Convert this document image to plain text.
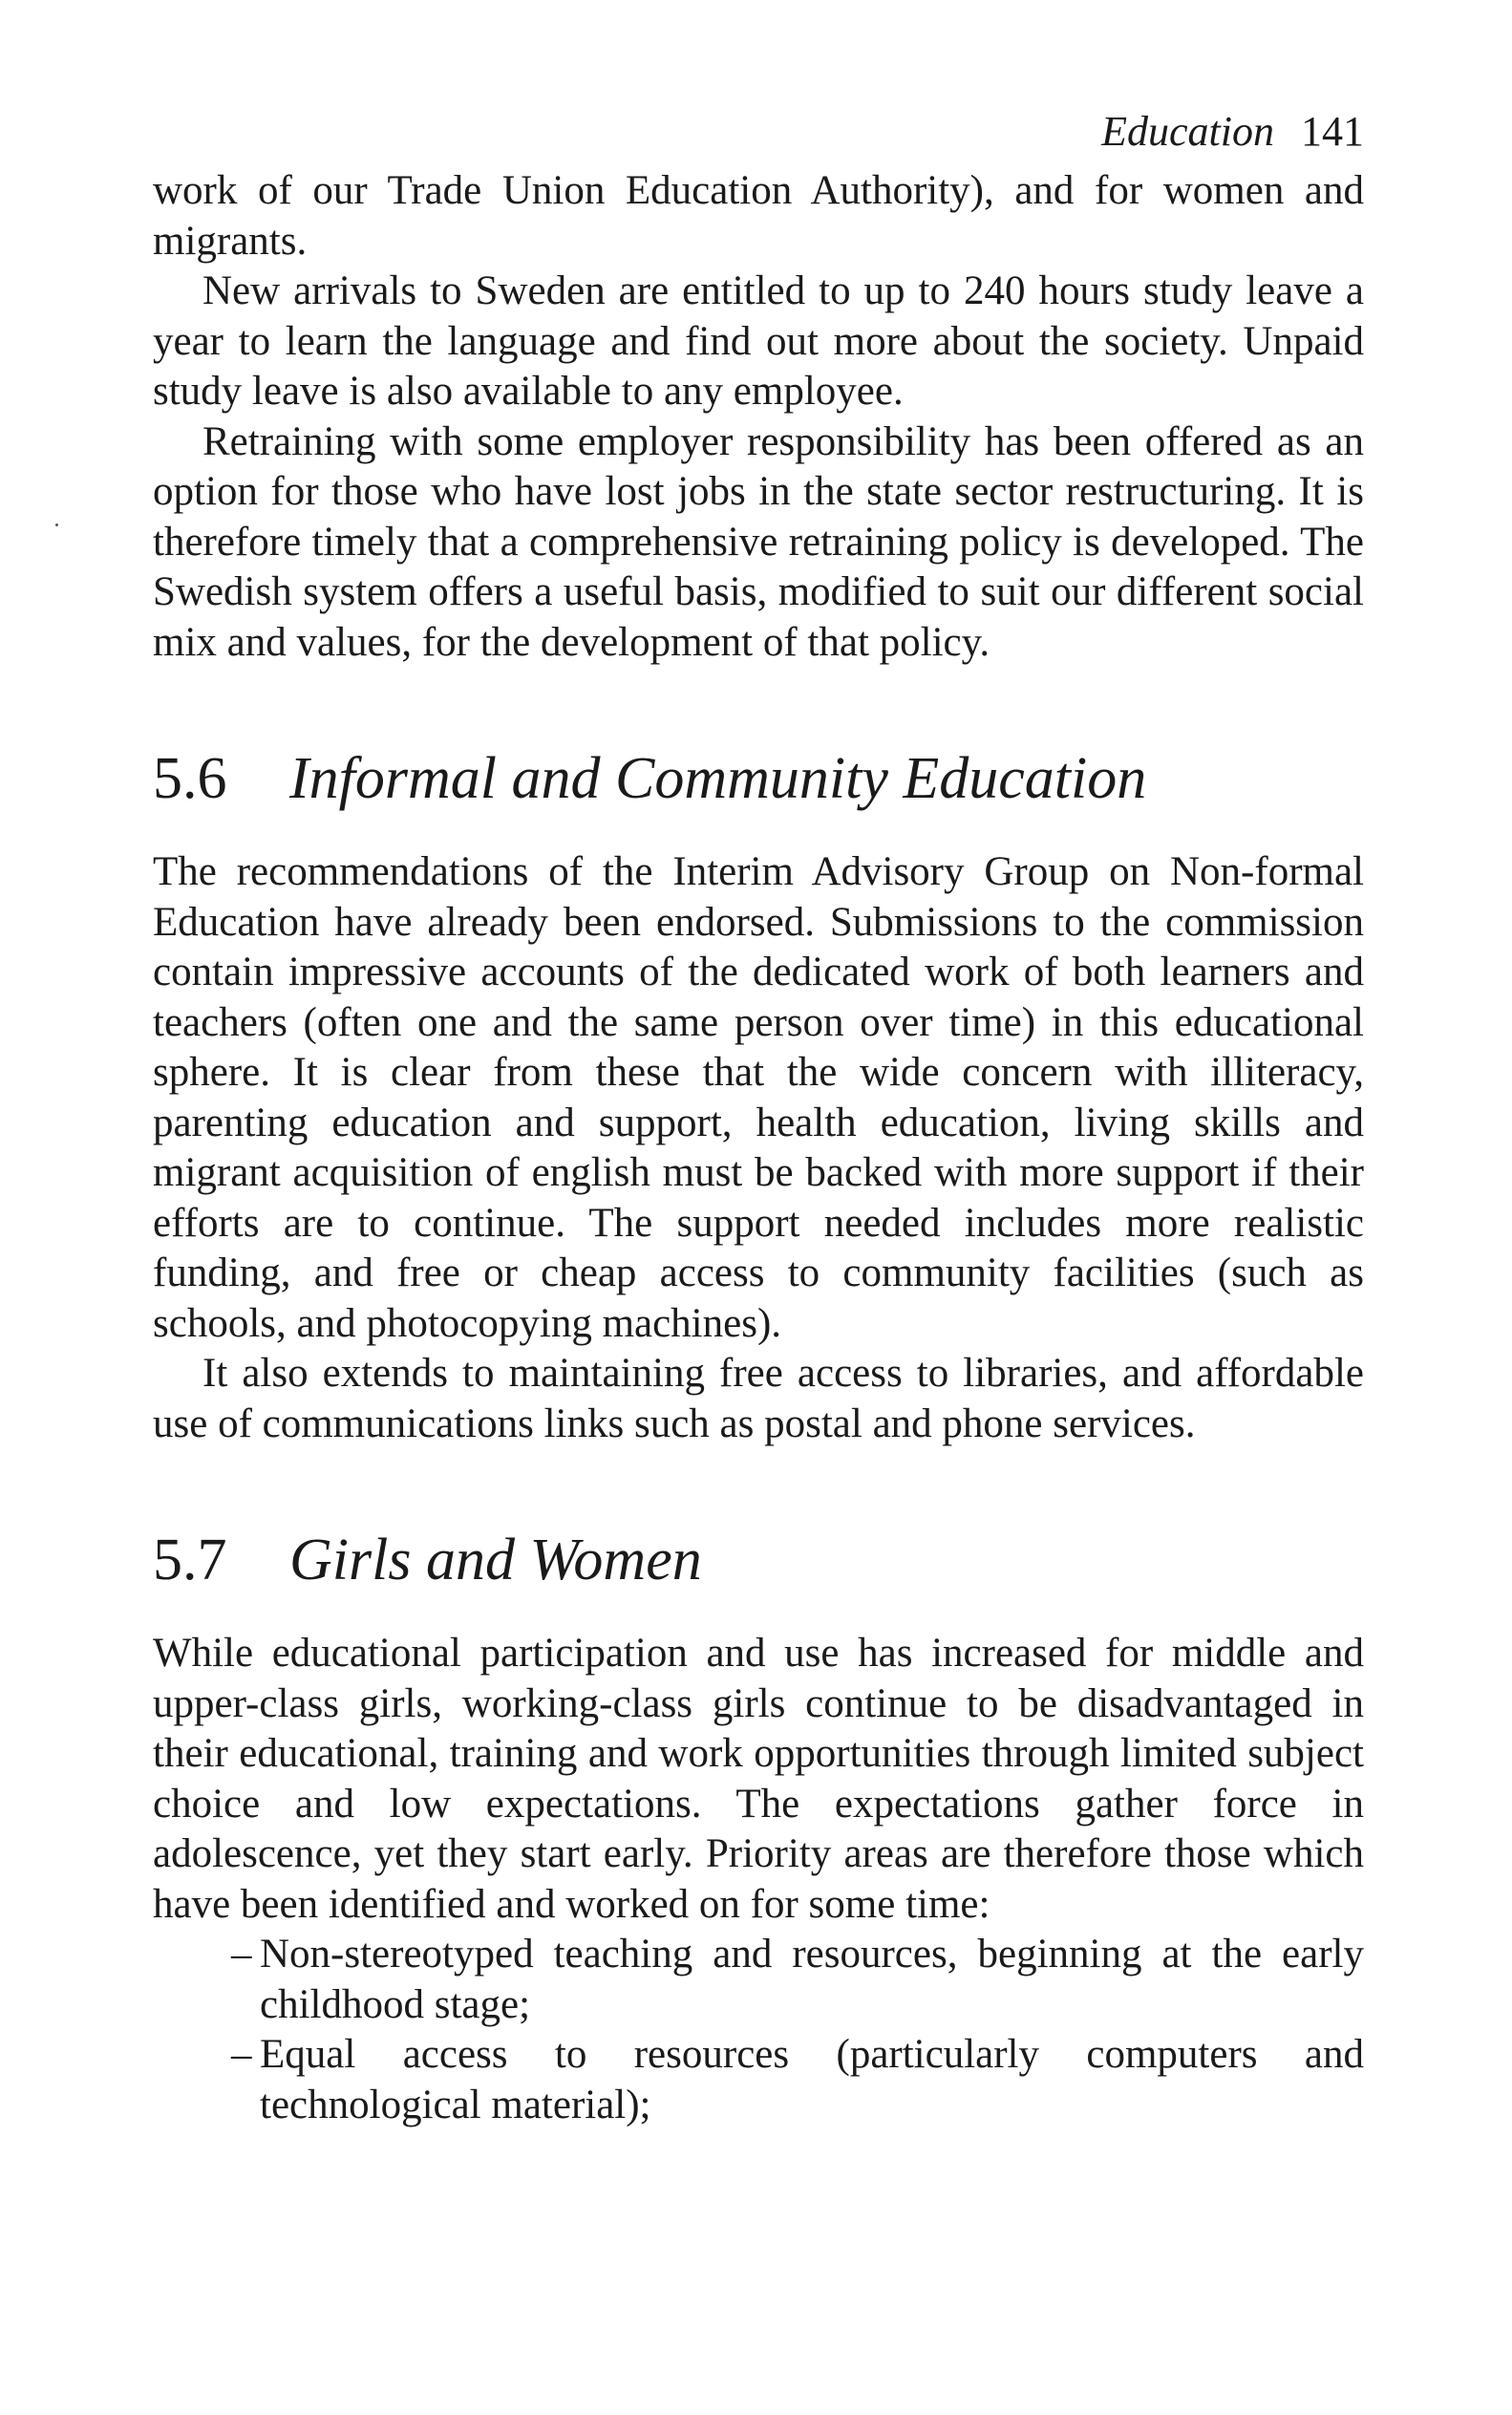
Education 141

work of our Trade Union Education Authority), and for women and migrants.

New arrivals to Sweden are entitled to up to 240 hours study leave a year to learn the language and find out more about the society. Unpaid study leave is also available to any employee.

Retraining with some employer responsibility has been offered as an option for those who have lost jobs in the state sector restructuring. It is therefore timely that a comprehensive retraining policy is developed. The Swedish system offers a useful basis, modified to suit our different social mix and values, for the development of that policy.

5.6 Informal and Community Education

The recommendations of the Interim Advisory Group on Non-formal Education have already been endorsed. Submissions to the commission contain impressive accounts of the dedicated work of both learners and teachers (often one and the same person over time) in this educational sphere. It is clear from these that the wide concern with illiteracy, parenting education and support, health education, living skills and migrant acquisition of english must be backed with more support if their efforts are to continue. The support needed includes more realistic funding, and free or cheap access to community facilities (such as schools, and photocopying machines).

It also extends to maintaining free access to libraries, and affordable use of communications links such as postal and phone services.

5.7 Girls and Women

While educational participation and use has increased for middle and upper-class girls, working-class girls continue to be disadvantaged in their educational, training and work opportunities through limited subject choice and low expectations. The expectations gather force in adolescence, yet they start early. Priority areas are therefore those which have been identified and worked on for some time:

– Non-stereotyped teaching and resources, beginning at the early childhood stage;
– Equal access to resources (particularly computers and technological material);
